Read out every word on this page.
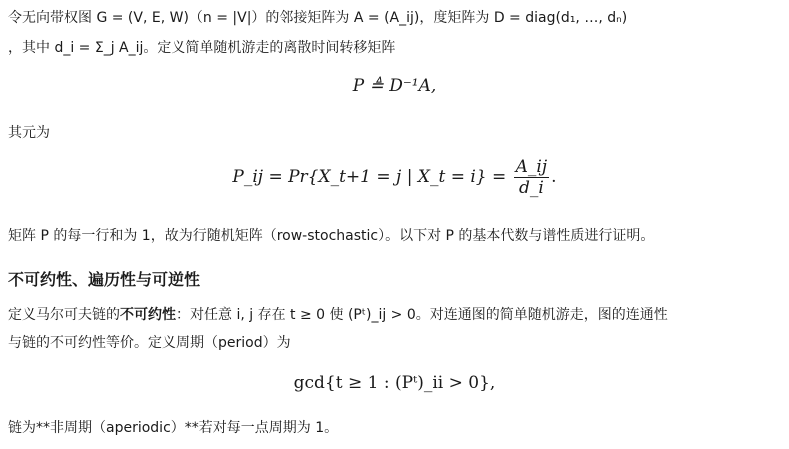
令无向带权图 G = (V, E, W)（n = |V|）的邻接矩阵为 A = (A_ij)，度矩阵为 D = diag(d₁, …, dₙ)
，其中 d_i = Σ_j A_ij。定义简单随机游走的离散时间转移矩阵
P ≜ D⁻¹A,
其元为
P_ij = Pr{X_t+1 = j | X_t = $i\} = \frac{A\_ij}{d\_i}$ .
矩阵 P 的每一行和为 1，故为行随机矩阵（row-stochastic）。以下对 P 的基本代数与谱性质进行证明。
不可约性、遍历性与可逆性
定义马尔可夫链的不可约性：对任意 i, j 存在 t ≥ 0 使 (Pᵗ)_ij > 0。对连通图的简单随机游走，图的连通性
与链的不可约性等价。定义周期（period）为
gcd{t ≥ 1 : (Pᵗ)_ii > 0},
链为**非周期（aperiodic）**若对每一点周期为 1。
